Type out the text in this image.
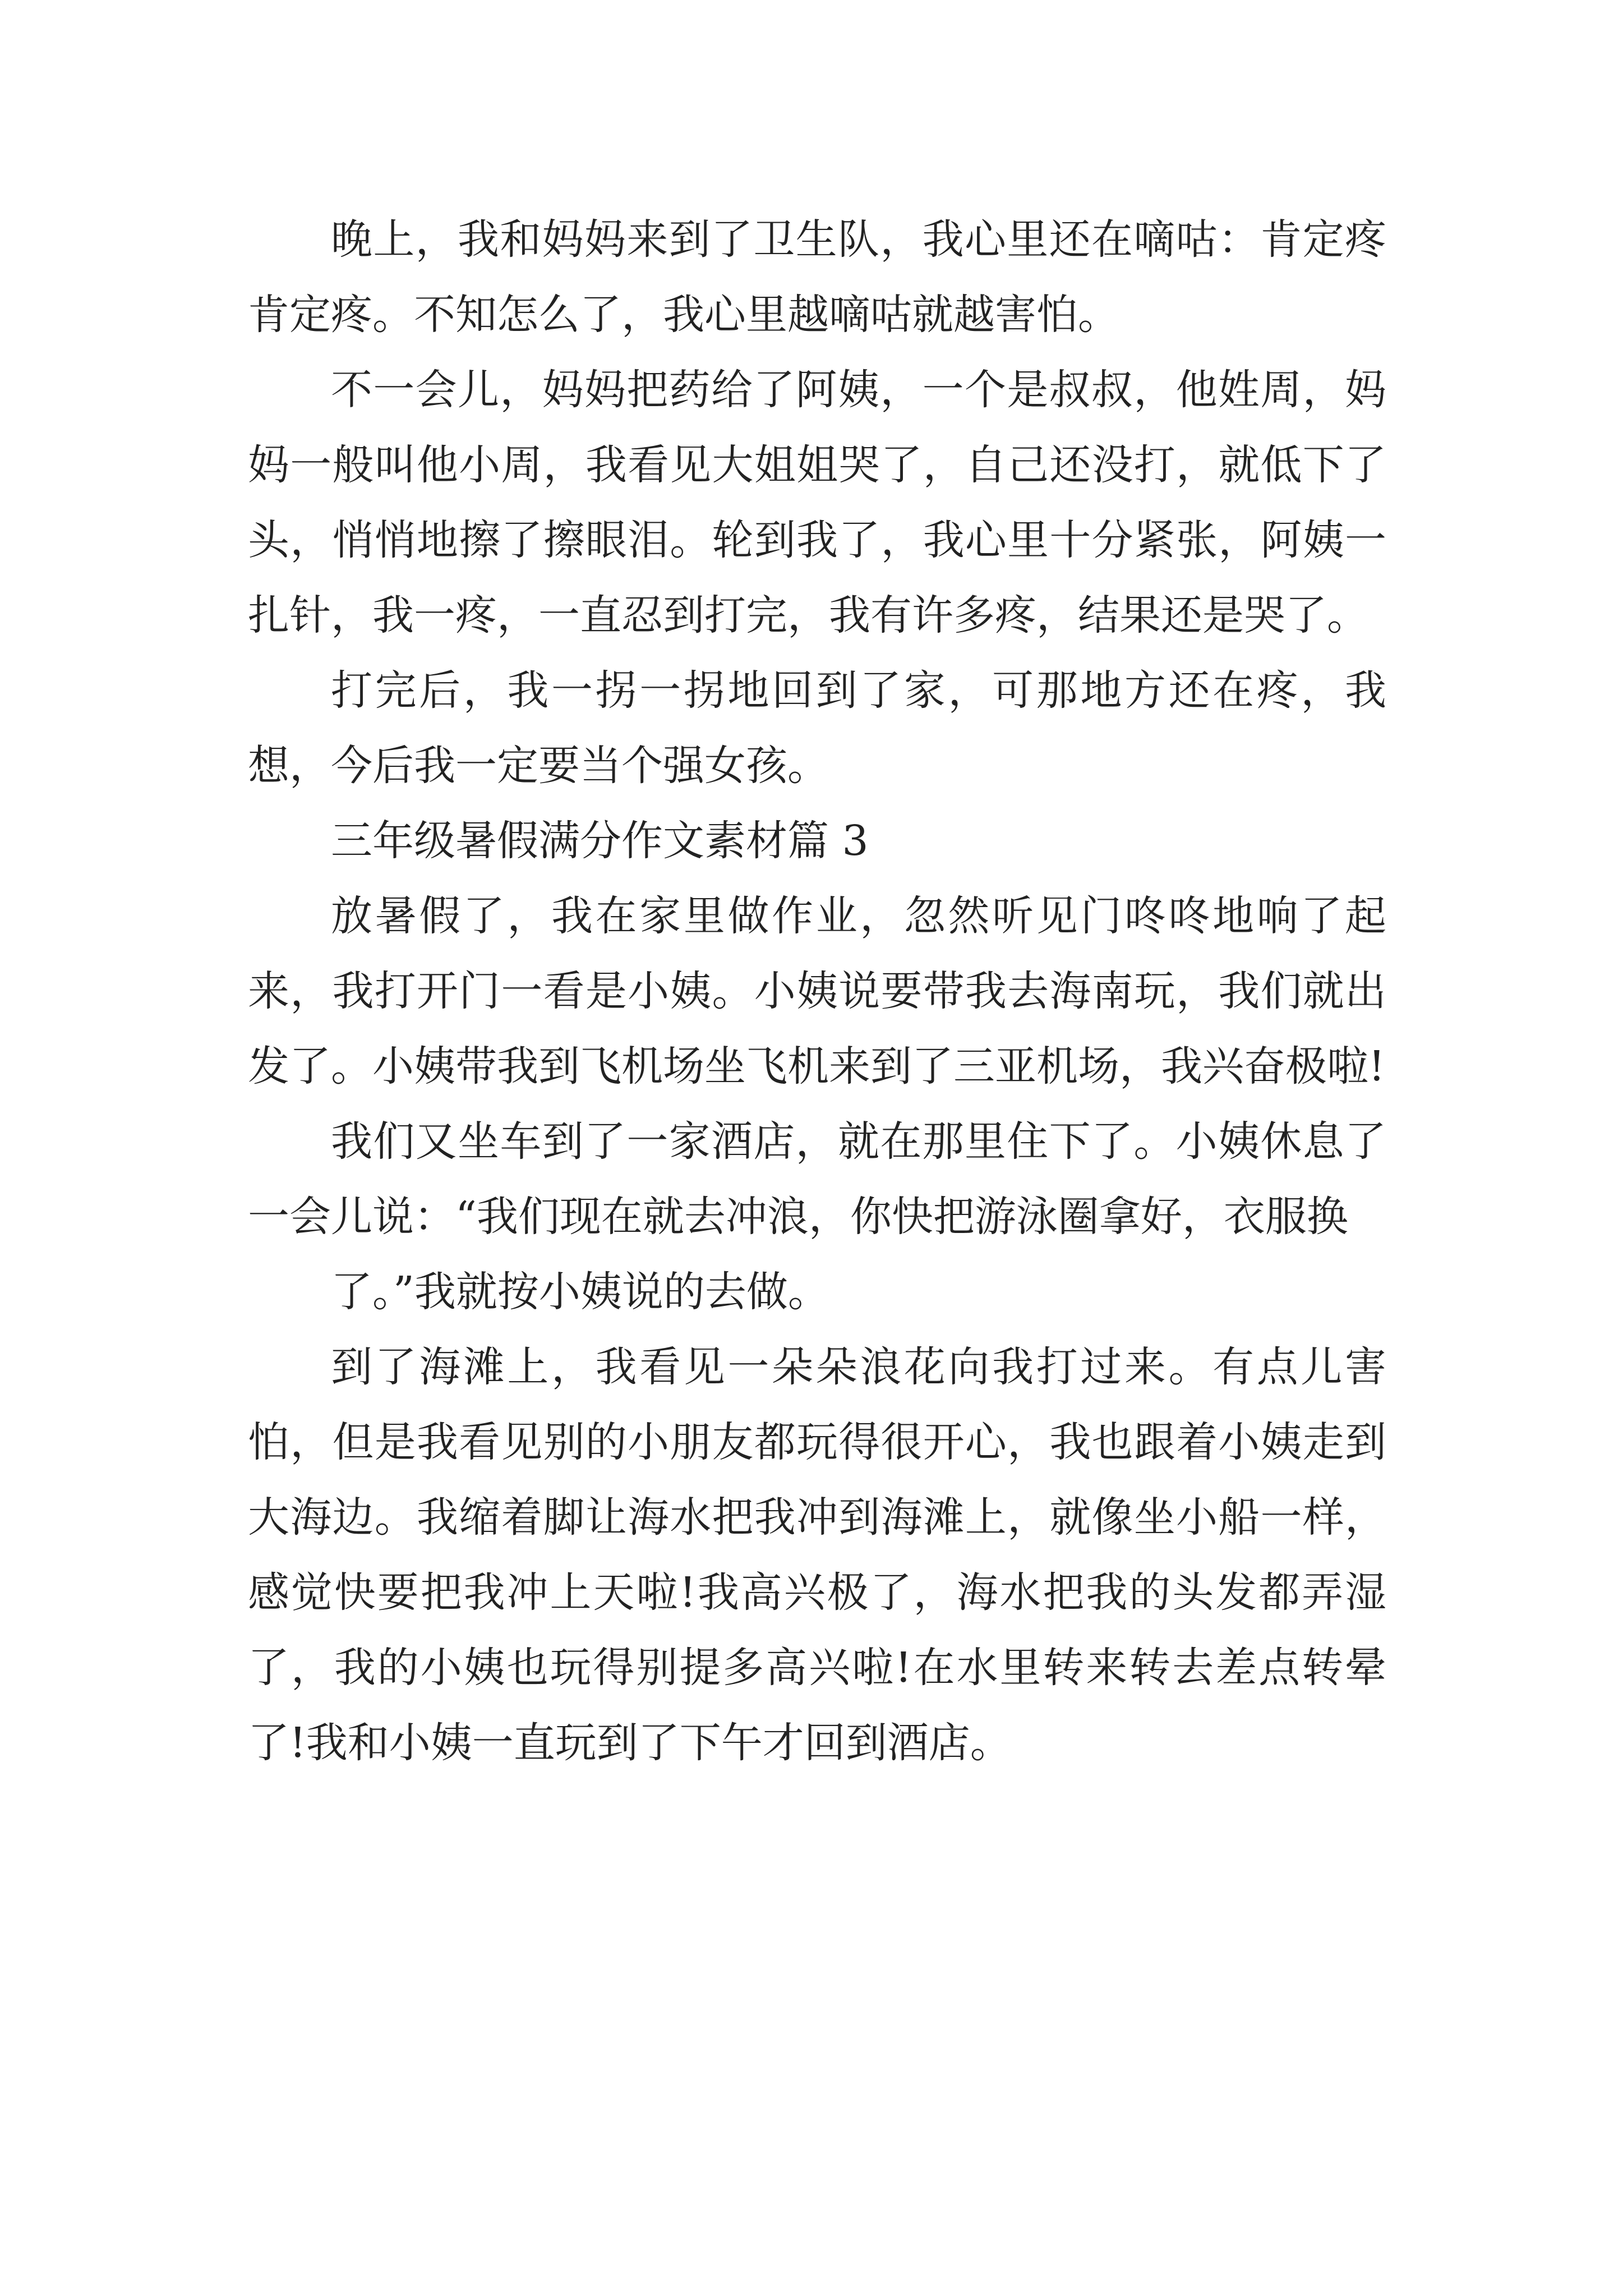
晚上，我和妈妈来到了卫生队，我心里还在嘀咕：肯定疼肯定疼。不知怎么了，我心里越嘀咕就越害怕。

不一会儿，妈妈把药给了阿姨，一个是叔叔，他姓周，妈妈一般叫他小周，我看见大姐姐哭了，自己还没打，就低下了头，悄悄地擦了擦眼泪。轮到我了，我心里十分紧张，阿姨一扎针，我一疼，一直忍到打完，我有许多疼，结果还是哭了。

打完后，我一拐一拐地回到了家，可那地方还在疼，我想，今后我一定要当个强女孩。

三年级暑假满分作文素材篇 3

放暑假了，我在家里做作业，忽然听见门咚咚地响了起来，我打开门一看是小姨。小姨说要带我去海南玩，我们就出发了。小姨带我到飞机场坐飞机来到了三亚机场，我兴奋极啦!

我们又坐车到了一家酒店，就在那里住下了。小姨休息了一会儿说：“我们现在就去冲浪，你快把游泳圈拿好，衣服换

了。”我就按小姨说的去做。

到了海滩上，我看见一朵朵浪花向我打过来。有点儿害怕，但是我看见别的小朋友都玩得很开心，我也跟着小姨走到大海边。我缩着脚让海水把我冲到海滩上，就像坐小船一样，感觉快要把我冲上天啦!我高兴极了，海水把我的头发都弄湿了，我的小姨也玩得别提多高兴啦!在水里转来转去差点转晕了!我和小姨一直玩到了下午才回到酒店。
